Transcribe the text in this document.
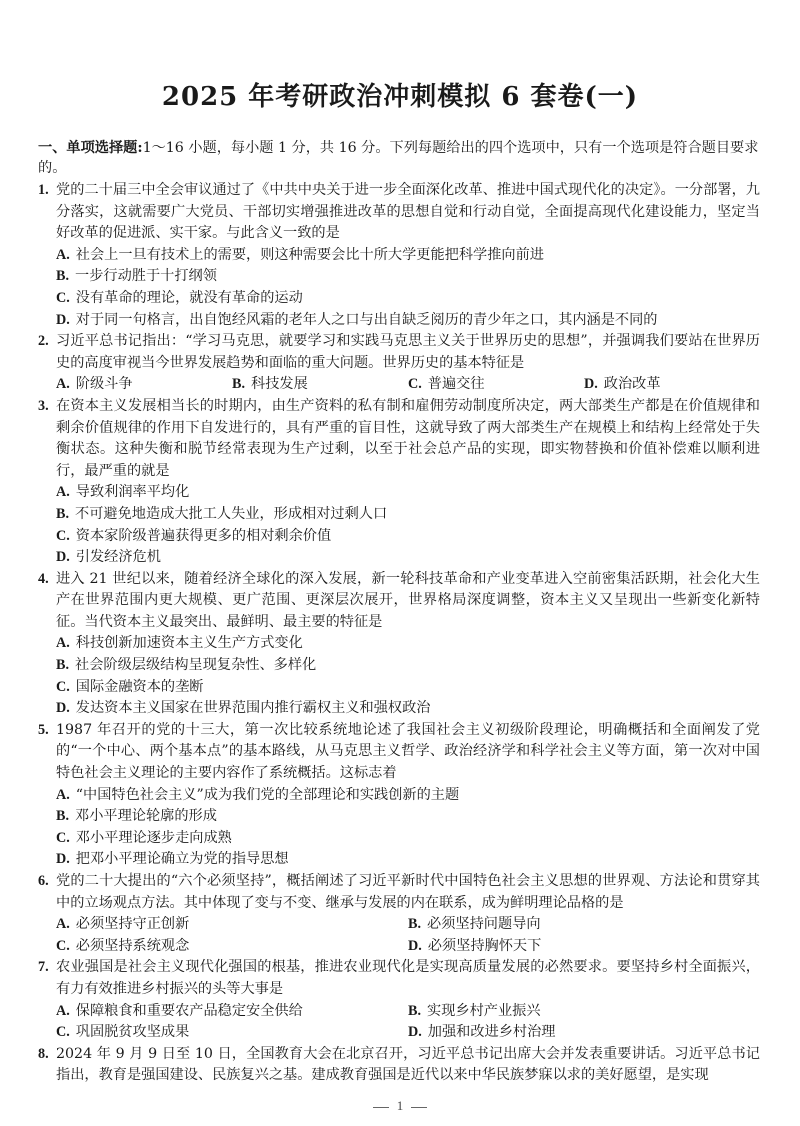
2025 年考研政治冲刺模拟 6 套卷(一)
一、单项选择题:1～16 小题，每小题 1 分，共 16 分。下列每题给出的四个选项中，只有一个选项是符合题目要求的。
1. 党的二十届三中全会审议通过了《中共中央关于进一步全面深化改革、推进中国式现代化的决定》。一分部署，九分落实，这就需要广大党员、干部切实增强推进改革的思想自觉和行动自觉，全面提高现代化建设能力，坚定当好改革的促进派、实干家。与此含义一致的是
A. 社会上一旦有技术上的需要，则这种需要会比十所大学更能把科学推向前进
B. 一步行动胜于十打纲领
C. 没有革命的理论，就没有革命的运动
D. 对于同一句格言，出自饱经风霜的老年人之口与出自缺乏阅历的青少年之口，其内涵是不同的
2. 习近平总书记指出：“学习马克思，就要学习和实践马克思主义关于世界历史的思想”，并强调我们要站在世界历史的高度审视当今世界发展趋势和面临的重大问题。世界历史的基本特征是
A. 阶级斗争	B. 科技发展	C. 普遍交往	D. 政治改革
3. 在资本主义发展相当长的时期内，由生产资料的私有制和雇佣劳动制度所决定，两大部类生产都是在价值规律和剩余价值规律的作用下自发进行的，具有严重的盲目性，这就导致了两大部类生产在规模上和结构上经常处于失衡状态。这种失衡和脱节经常表现为生产过剩，以至于社会总产品的实现，即实物替换和价值补偿难以顺利进行，最严重的就是
A. 导致利润率平均化
B. 不可避免地造成大批工人失业，形成相对过剩人口
C. 资本家阶级普遍获得更多的相对剩余价值
D. 引发经济危机
4. 进入 21 世纪以来，随着经济全球化的深入发展，新一轮科技革命和产业变革进入空前密集活跃期，社会化大生产在世界范围内更大规模、更广范围、更深层次展开，世界格局深度调整，资本主义又呈现出一些新变化新特征。当代资本主义最突出、最鲜明、最主要的特征是
A. 科技创新加速资本主义生产方式变化
B. 社会阶级层级结构呈现复杂性、多样化
C. 国际金融资本的垄断
D. 发达资本主义国家在世界范围内推行霸权主义和强权政治
5. 1987 年召开的党的十三大，第一次比较系统地论述了我国社会主义初级阶段理论，明确概括和全面阐发了党的“一个中心、两个基本点”的基本路线，从马克思主义哲学、政治经济学和科学社会主义等方面，第一次对中国特色社会主义理论的主要内容作了系统概括。这标志着
A. “中国特色社会主义”成为我们党的全部理论和实践创新的主题
B. 邓小平理论轮廓的形成
C. 邓小平理论逐步走向成熟
D. 把邓小平理论确立为党的指导思想
6. 党的二十大提出的“六个必须坚持”，概括阐述了习近平新时代中国特色社会主义思想的世界观、方法论和贯穿其中的立场观点方法。其中体现了变与不变、继承与发展的内在联系，成为鲜明理论品格的是
A. 必须坚持守正创新	B. 必须坚持问题导向
C. 必须坚持系统观念	D. 必须坚持胸怀天下
7. 农业强国是社会主义现代化强国的根基，推进农业现代化是实现高质量发展的必然要求。要坚持乡村全面振兴，有力有效推进乡村振兴的头等大事是
A. 保障粮食和重要农产品稳定安全供给	B. 实现乡村产业振兴
C. 巩固脱贫攻坚成果	D. 加强和改进乡村治理
8. 2024 年 9 月 9 日至 10 日，全国教育大会在北京召开，习近平总书记出席大会并发表重要讲话。习近平总书记指出，教育是强国建设、民族复兴之基。建成教育强国是近代以来中华民族梦寐以求的美好愿望，是实现
1
